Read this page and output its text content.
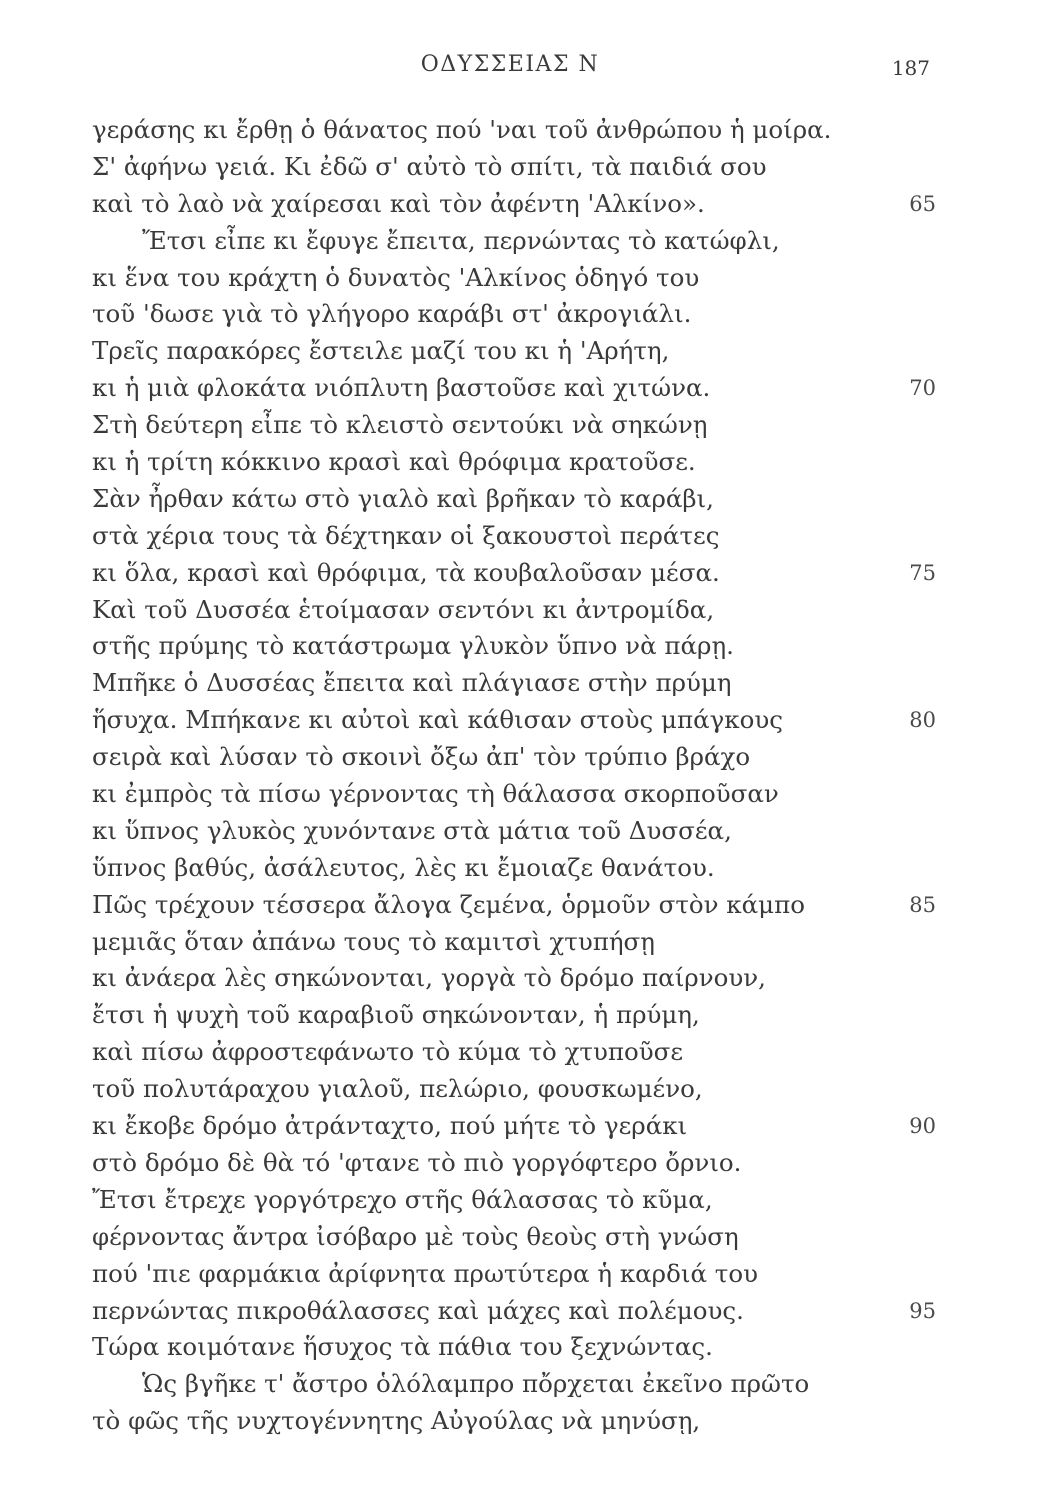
ΟΔΥΣΣΕΙΑΣ Ν	187
γεράσης κι ἔρθῃ ὁ θάνατος πού 'ναι τοῦ ἀνθρώπου ἡ μοίρα.
Σ' ἀφήνω γειά. Κι ἐδῶ σ' αὐτὸ τὸ σπίτι, τὰ παιδιά σου
καὶ τὸ λαὸ νὰ χαίρεσαι καὶ τὸν ἀφέντη 'Αλκίνο».	65
Ἔτσι εἶπε κι ἔφυγε ἔπειτα, περνώντας τὸ κατώφλι,
κι ἕνα του κράχτη ὁ δυνατὸς 'Αλκίνος ὁδηγό του
τοῦ 'δωσε γιὰ τὸ γλήγορο καράβι στ' ἀκρογιάλι.
Τρεῖς παρακόρες ἔστειλε μαζί του κι ἡ 'Αρήτη,
κι ἡ μιὰ φλοκάτα νιόπλυτη βαστοῦσε καὶ χιτώνα.	70
Στὴ δεύτερη εἶπε τὸ κλειστὸ σεντούκι νὰ σηκώνῃ
κι ἡ τρίτη κόκκινο κρασὶ καὶ θρόφιμα κρατοῦσε.
Σὰν ἦρθαν κάτω στὸ γιαλὸ καὶ βρῆκαν τὸ καράβι,
στὰ χέρια τους τὰ δέχτηκαν οἱ ξακουστοὶ περάτες
κι ὅλα, κρασὶ καὶ θρόφιμα, τὰ κουβαλοῦσαν μέσα.	75
Καὶ τοῦ Δυσσέα ἑτοίμασαν σεντόνι κι ἀντρομίδα,
στῆς πρύμης τὸ κατάστρωμα γλυκὸν ὕπνο νὰ πάρῃ.
Μπῆκε ὁ Δυσσέας ἔπειτα καὶ πλάγιασε στὴν πρύμη
ἥσυχα. Μπήκανε κι αὐτοὶ καὶ κάθισαν στοὺς μπάγκους	80
σειρὰ καὶ λύσαν τὸ σκοινὶ ὄξω ἀπ' τὸν τρύπιο βράχο
κι ἐμπρὸς τὰ πίσω γέρνοντας τὴ θάλασσα σκορποῦσαν
κι ὕπνος γλυκὸς χυνόντανε στὰ μάτια τοῦ Δυσσέα,
ὕπνος βαθύς, ἀσάλευτος, λὲς κι ἔμοιαζε θανάτου.
Πῶς τρέχουν τέσσερα ἄλογα ζεμένα, ὁρμοῦν στὸν κάμπο	85
μεμιᾶς ὅταν ἀπάνω τους τὸ καμιτσὶ χτυπήσῃ
κι ἀνάερα λὲς σηκώνονται, γοργὰ τὸ δρόμο παίρνουν,
ἔτσι ἡ ψυχὴ τοῦ καραβιοῦ σηκώνονταν, ἡ πρύμη,
καὶ πίσω ἀφροστεφάνωτο τὸ κύμα τὸ χτυποῦσε
τοῦ πολυτάραχου γιαλοῦ, πελώριο, φουσκωμένο,
κι ἔκοβε δρόμο ἀτράνταχτο, πού μήτε τὸ γεράκι	90
στὸ δρόμο δὲ θὰ τό 'φτανε τὸ πιὸ γοργόφτερο ὄρνιο.
Ἔτσι ἔτρεχε γοργότρεχο στῆς θάλασσας τὸ κῦμα,
φέρνοντας ἄντρα ἰσόβαρο μὲ τοὺς θεοὺς στὴ γνώση
πού 'πιε φαρμάκια ἀρίφνητα πρωτύτερα ἡ καρδιά του
περνώντας πικροθάλασσες καὶ μάχες καὶ πολέμους.	95
Τώρα κοιμότανε ἥσυχος τὰ πάθια του ξεχνώντας.
Ὡς βγῆκε τ' ἄστρο ὁλόλαμπρο πὄρχεται ἐκεῖνο πρῶτο
τὸ φῶς τῆς νυχτογέννητης Αὐγούλας νὰ μηνύσῃ,
